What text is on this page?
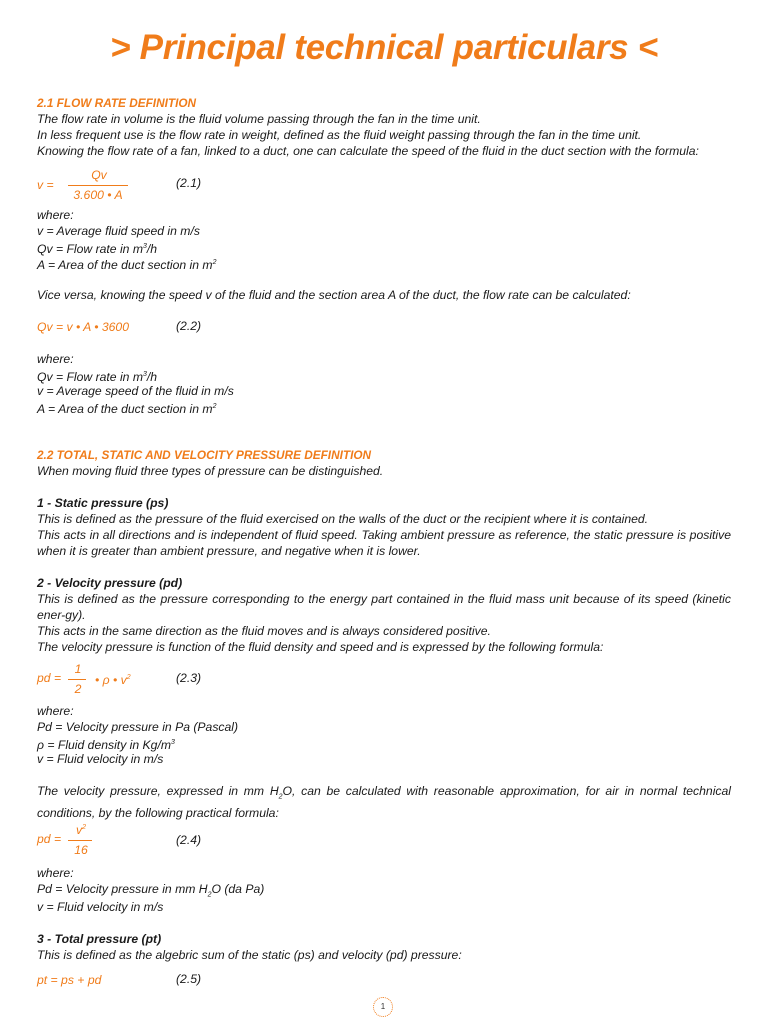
> Principal technical particulars <
2.1 FLOW RATE DEFINITION
The flow rate in volume is the fluid volume passing through the fan in the time unit.
In less frequent use is the flow rate in weight, defined as the fluid weight passing through the fan in the time unit.
Knowing the flow rate of a fan, linked to a duct, one can calculate the speed of the fluid in the duct section with the formula:
v =
Qv
3.600 • A
(2.1)
where:
v = Average fluid speed in m/s
Qv = Flow rate in $m^3/h$
A = Area of the duct section in $m^2$
Vice versa, knowing the speed v of the fluid and the section area A of the duct, the flow rate can be calculated:
Qv = v • A • 3600	(2.2)
where:
Qv = Flow rate in $m^3/h$
v = Average speed of the fluid in m/s
A = Area of the duct section in $m^2$
2.2 TOTAL, STATIC AND VELOCITY PRESSURE DEFINITION
When moving fluid three types of pressure can be distinguished.
1 - Static pressure (ps)
This is defined as the pressure of the fluid exercised on the walls of the duct or the recipient where it is contained.
This acts in all directions and is independent of fluid speed. Taking ambient pressure as reference, the static pressure is positive when it is greater than ambient pressure, and negative when it is lower.
2 - Velocity pressure (pd)
This is defined as the pressure corresponding to the energy part contained in the fluid mass unit because of its speed (kinetic ener-gy).
This acts in the same direction as the fluid moves and is always considered positive.
The velocity pressure is function of the fluid density and speed and is expressed by the following formula:
pd =
1
2
• ρ • $v^2$	(2.3)
where:
Pd = Velocity pressure in Pa (Pascal)
ρ = Fluid density in $Kg/m^3$
v = Fluid velocity in m/s
The velocity pressure, expressed in mm $H_2O$, can be calculated with reasonable approximation, for air in normal technical conditions, by the following practical formula:
pd =
$v^2$
16
(2.4)
where:
Pd = Velocity pressure in mm $H_2O$ (da Pa)
v = Fluid velocity in m/s
3 - Total pressure (pt)
This is defined as the algebric sum of the static (ps) and velocity (pd) pressure:
pt = ps + pd	(2.5)
1
